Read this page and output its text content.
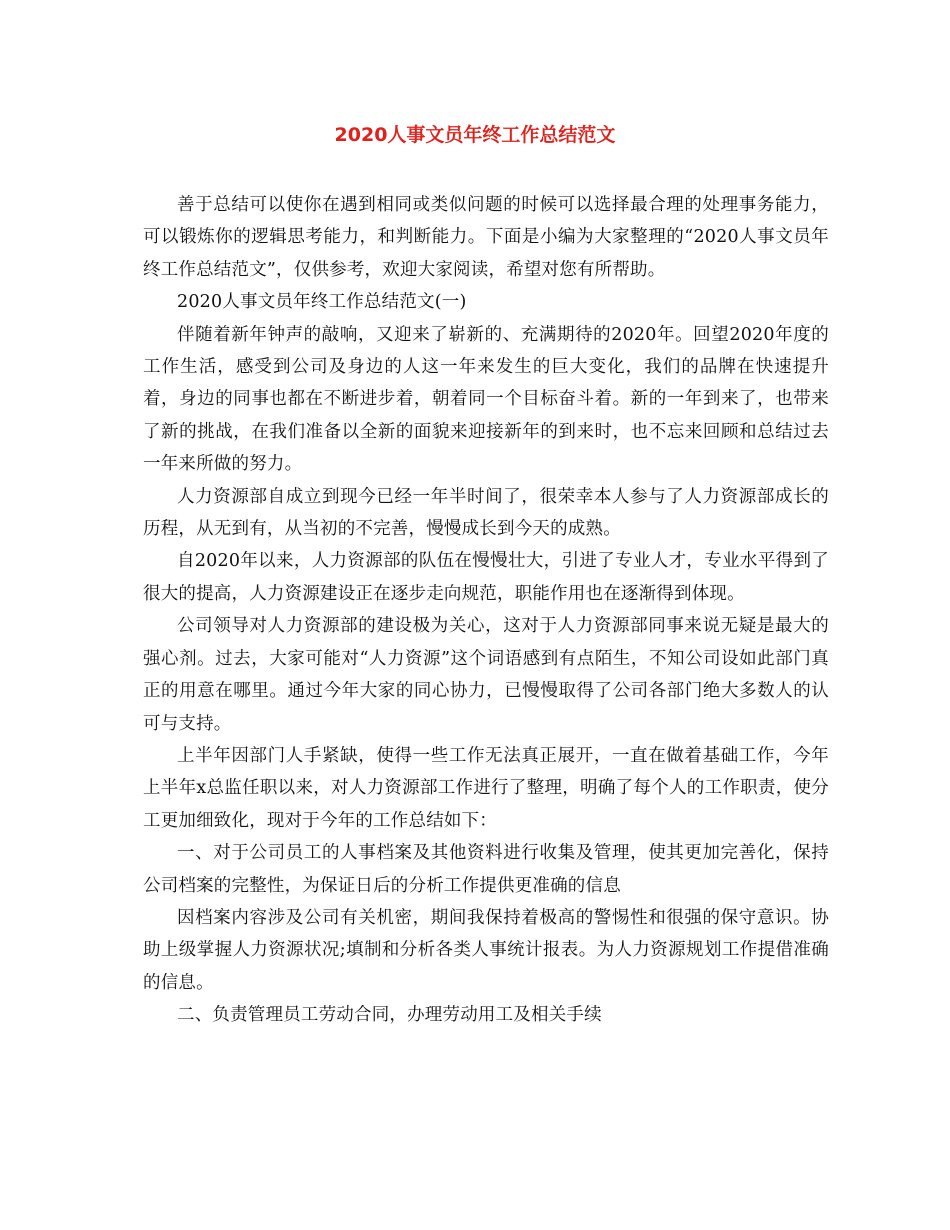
2020人事文员年终工作总结范文

善于总结可以使你在遇到相同或类似问题的时候可以选择最合理的处理事务能力，可以锻炼你的逻辑思考能力，和判断能力。下面是小编为大家整理的“2020人事文员年终工作总结范文”，仅供参考，欢迎大家阅读，希望对您有所帮助。

2020人事文员年终工作总结范文(一)

伴随着新年钟声的敲响，又迎来了崭新的、充满期待的2020年。回望2020年度的工作生活，感受到公司及身边的人这一年来发生的巨大变化，我们的品牌在快速提升着，身边的同事也都在不断进步着，朝着同一个目标奋斗着。新的一年到来了，也带来了新的挑战，在我们准备以全新的面貌来迎接新年的到来时，也不忘来回顾和总结过去一年来所做的努力。

人力资源部自成立到现今已经一年半时间了，很荣幸本人参与了人力资源部成长的历程，从无到有，从当初的不完善，慢慢成长到今天的成熟。

自2020年以来，人力资源部的队伍在慢慢壮大，引进了专业人才，专业水平得到了很大的提高，人力资源建设正在逐步走向规范，职能作用也在逐渐得到体现。

公司领导对人力资源部的建设极为关心，这对于人力资源部同事来说无疑是最大的强心剂。过去，大家可能对“人力资源”这个词语感到有点陌生，不知公司设如此部门真正的用意在哪里。通过今年大家的同心协力，已慢慢取得了公司各部门绝大多数人的认可与支持。

上半年因部门人手紧缺，使得一些工作无法真正展开，一直在做着基础工作，今年上半年x总监任职以来，对人力资源部工作进行了整理，明确了每个人的工作职责，使分工更加细致化，现对于今年的工作总结如下：

一、对于公司员工的人事档案及其他资料进行收集及管理，使其更加完善化，保持公司档案的完整性，为保证日后的分析工作提供更准确的信息

因档案内容涉及公司有关机密，期间我保持着极高的警惕性和很强的保守意识。协助上级掌握人力资源状况;填制和分析各类人事统计报表。为人力资源规划工作提借准确的信息。

二、负责管理员工劳动合同，办理劳动用工及相关手续
